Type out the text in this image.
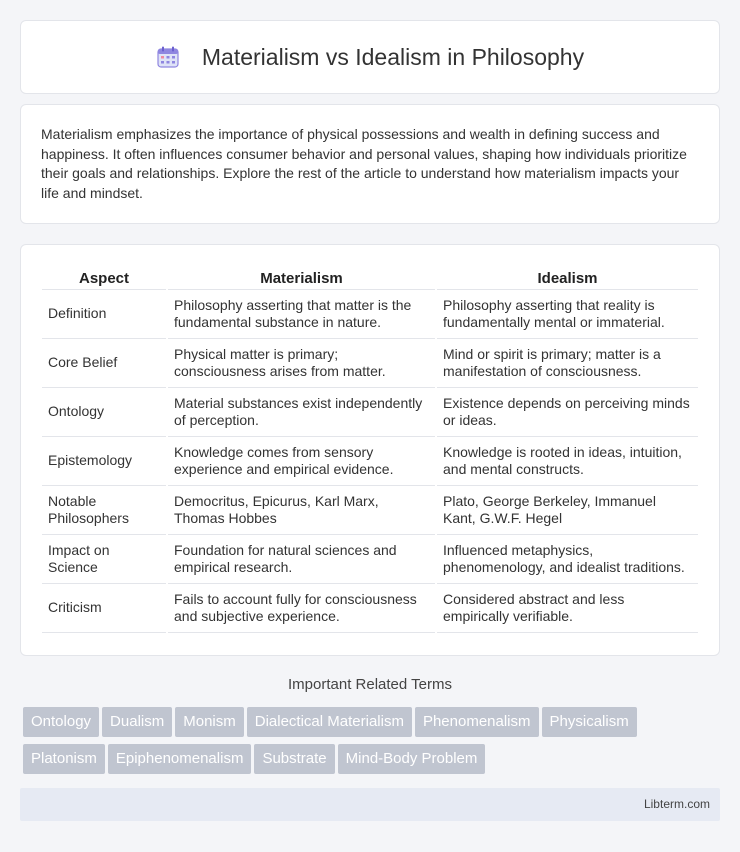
Materialism vs Idealism in Philosophy

Materialism emphasizes the importance of physical possessions and wealth in defining success and happiness. It often influences consumer behavior and personal values, shaping how individuals prioritize their goals and relationships. Explore the rest of the article to understand how materialism impacts your life and mindset.

Aspect		Materialism		Idealism
Definition		Philosophy asserting that matter is the fundamental substance in nature.		Philosophy asserting that reality is fundamentally mental or immaterial.
Core Belief		Physical matter is primary; consciousness arises from matter.		Mind or spirit is primary; matter is a manifestation of consciousness.
Ontology		Material substances exist independently of perception.		Existence depends on perceiving minds or ideas.
Epistemology		Knowledge comes from sensory experience and empirical evidence.		Knowledge is rooted in ideas, intuition, and mental constructs.
Notable Philosophers		Democritus, Epicurus, Karl Marx, Thomas Hobbes		Plato, George Berkeley, Immanuel Kant, G.W.F. Hegel
Impact on Science		Foundation for natural sciences and empirical research.		Influenced metaphysics, phenomenology, and idealist traditions.
Criticism		Fails to account fully for consciousness and subjective experience.		Considered abstract and less empirically verifiable.
Important Related Terms
Ontology Dualism Monism Dialectical Materialism Phenomenalism PhysicalismPlatonism Epiphenomenalism Substrate Mind-Body Problem
Libterm.com
